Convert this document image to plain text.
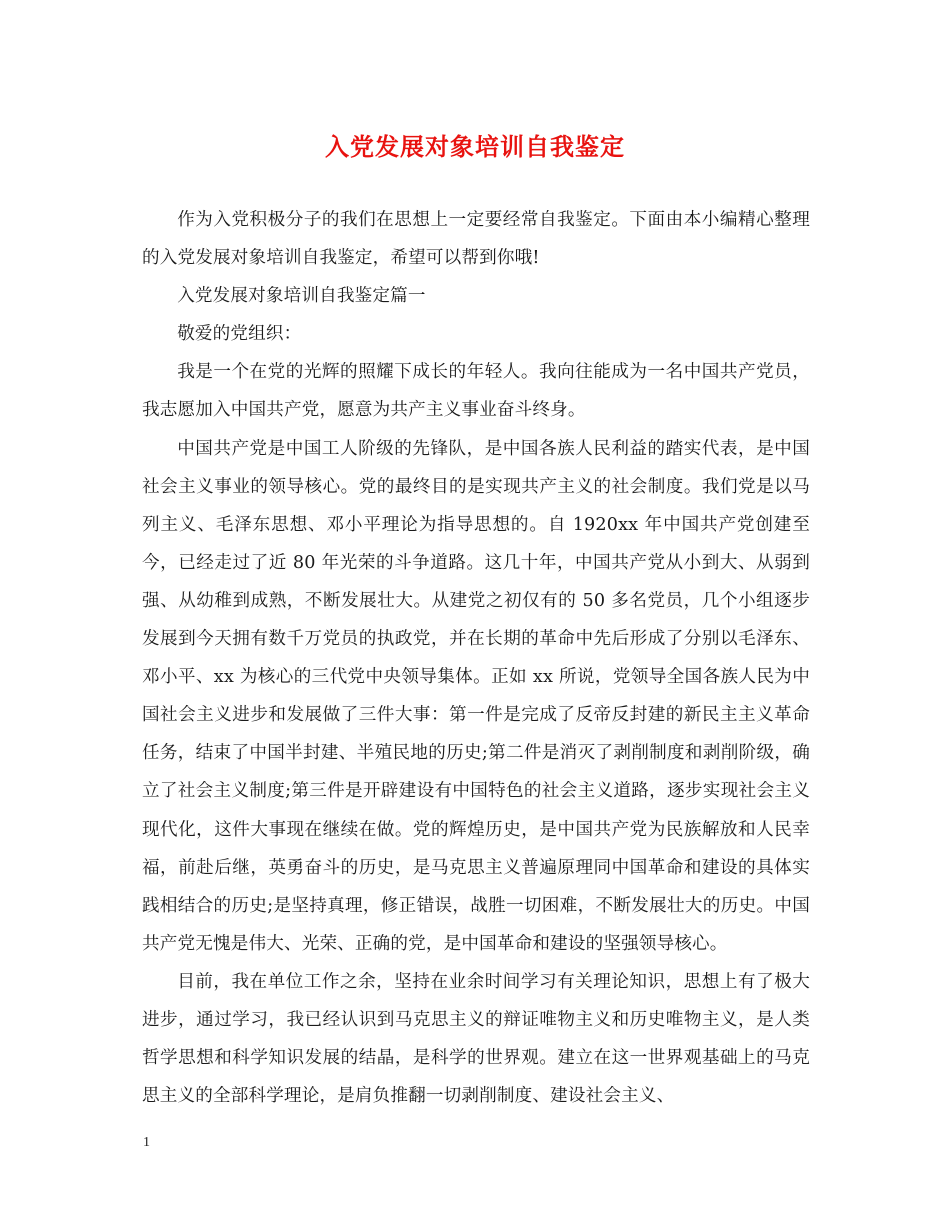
入党发展对象培训自我鉴定

作为入党积极分子的我们在思想上一定要经常自我鉴定。下面由本小编精心整理的入党发展对象培训自我鉴定，希望可以帮到你哦!

入党发展对象培训自我鉴定篇一

敬爱的党组织：

我是一个在党的光辉的照耀下成长的年轻人。我向往能成为一名中国共产党员，我志愿加入中国共产党，愿意为共产主义事业奋斗终身。

中国共产党是中国工人阶级的先锋队，是中国各族人民利益的踏实代表，是中国社会主义事业的领导核心。党的最终目的是实现共产主义的社会制度。我们党是以马列主义、毛泽东思想、邓小平理论为指导思想的。自 1920xx 年中国共产党创建至今，已经走过了近 80 年光荣的斗争道路。这几十年，中国共产党从小到大、从弱到强、从幼稚到成熟，不断发展壮大。从建党之初仅有的 50 多名党员，几个小组逐步发展到今天拥有数千万党员的执政党，并在长期的革命中先后形成了分别以毛泽东、邓小平、xx 为核心的三代党中央领导集体。正如 xx 所说，党领导全国各族人民为中国社会主义进步和发展做了三件大事：第一件是完成了反帝反封建的新民主主义革命任务，结束了中国半封建、半殖民地的历史;第二件是消灭了剥削制度和剥削阶级，确立了社会主义制度;第三件是开辟建设有中国特色的社会主义道路，逐步实现社会主义现代化，这件大事现在继续在做。党的辉煌历史，是中国共产党为民族解放和人民幸福，前赴后继，英勇奋斗的历史，是马克思主义普遍原理同中国革命和建设的具体实践相结合的历史;是坚持真理，修正错误，战胜一切困难，不断发展壮大的历史。中国共产党无愧是伟大、光荣、正确的党，是中国革命和建设的坚强领导核心。

目前，我在单位工作之余，坚持在业余时间学习有关理论知识，思想上有了极大进步，通过学习，我已经认识到马克思主义的辩证唯物主义和历史唯物主义，是人类哲学思想和科学知识发展的结晶，是科学的世界观。建立在这一世界观基础上的马克思主义的全部科学理论，是肩负推翻一切剥削制度、建设社会主义、

1
